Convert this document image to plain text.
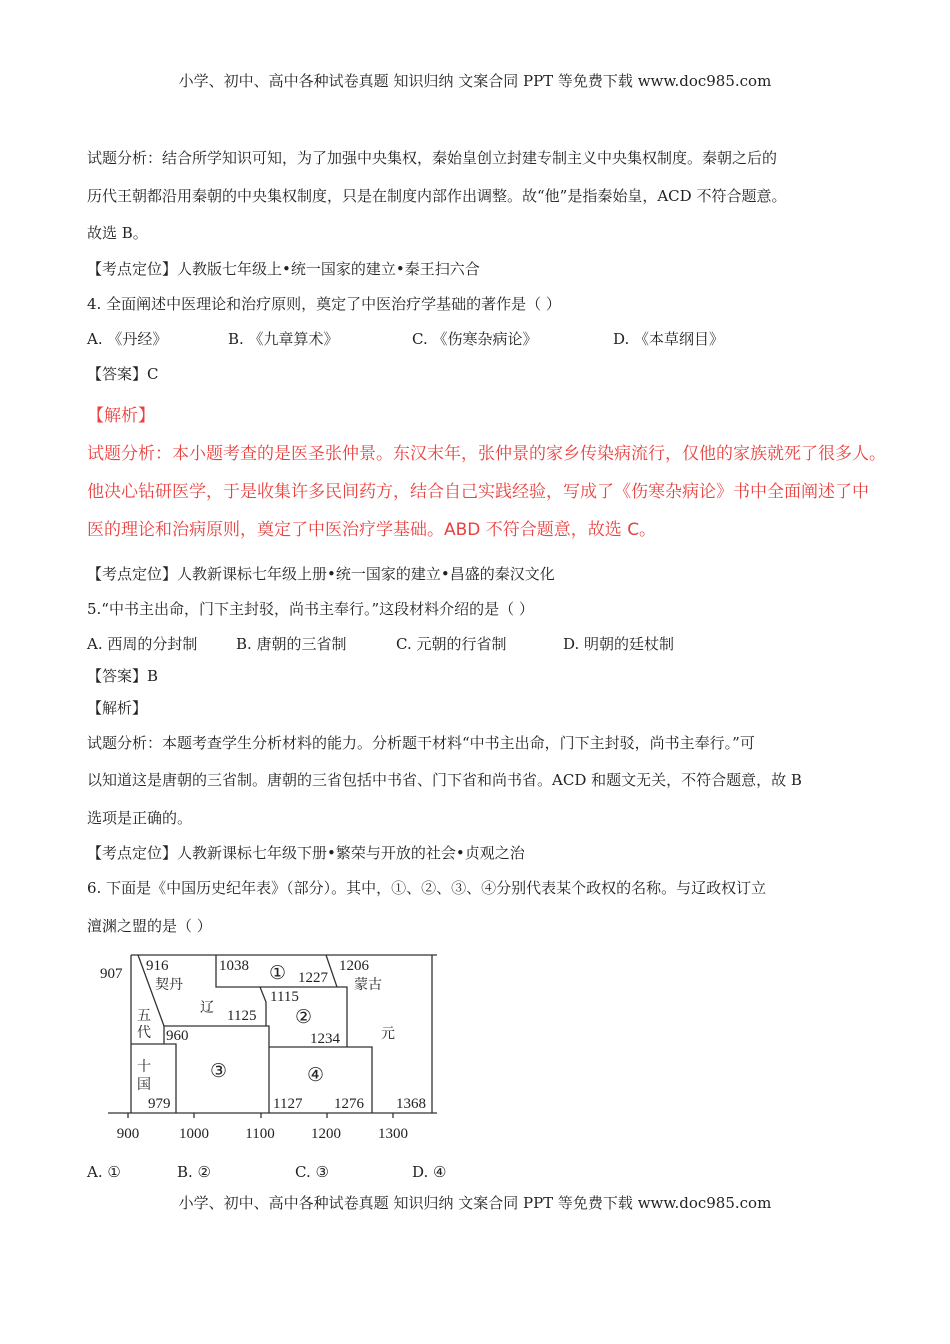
小学、初中、高中各种试卷真题 知识归纳 文案合同 PPT 等免费下载 www.doc985.com
试题分析：结合所学知识可知，为了加强中央集权，秦始皇创立封建专制主义中央集权制度。秦朝之后的
历代王朝都沿用秦朝的中央集权制度，只是在制度内部作出调整。故“他”是指秦始皇，ACD 不符合题意。
故选 B。
【考点定位】人教版七年级上•统一国家的建立•秦王扫六合
4. 全面阐述中医理论和治疗原则，奠定了中医治疗学基础的著作是（ ）
A. 《丹经》	B. 《九章算术》	C. 《伤寒杂病论》	D. 《本草纲目》
【答案】C
【解析】
试题分析：本小题考查的是医圣张仲景。东汉末年，张仲景的家乡传染病流行，仅他的家族就死了很多人。
他决心钻研医学，于是收集许多民间药方，结合自己实践经验，写成了《伤寒杂病论》书中全面阐述了中
医的理论和治病原则，奠定了中医治疗学基础。ABD 不符合题意，故选 C。
【考点定位】人教新课标七年级上册•统一国家的建立•昌盛的秦汉文化
5.“中书主出命，门下主封驳，尚书主奉行。”这段材料介绍的是（ ）
A. 西周的分封制	B. 唐朝的三省制	C. 元朝的行省制	D. 明朝的廷杖制
【答案】B
【解析】
试题分析：本题考查学生分析材料的能力。分析题干材料“中书主出命，门下主封驳，尚书主奉行。”可
以知道这是唐朝的三省制。唐朝的三省包括中书省、门下省和尚书省。ACD 和题文无关，不符合题意，故 B
选项是正确的。
【考点定位】人教新课标七年级下册•繁荣与开放的社会•贞观之治
6. 下面是《中国历史纪年表》（部分）。其中，①、②、③、④分别代表某个政权的名称。与辽政权订立
澶渊之盟的是（ ）
907 916	1038
1227
1206
1115
1125
960	1234
979	1127 1276 1368
契丹
辽
五
代
十
国
蒙古
元
①
②
③	④
900	1000 1100 1200 1300
A. ①	B. ②	C. ③	D. ④
小学、初中、高中各种试卷真题 知识归纳 文案合同 PPT 等免费下载 www.doc985.com
